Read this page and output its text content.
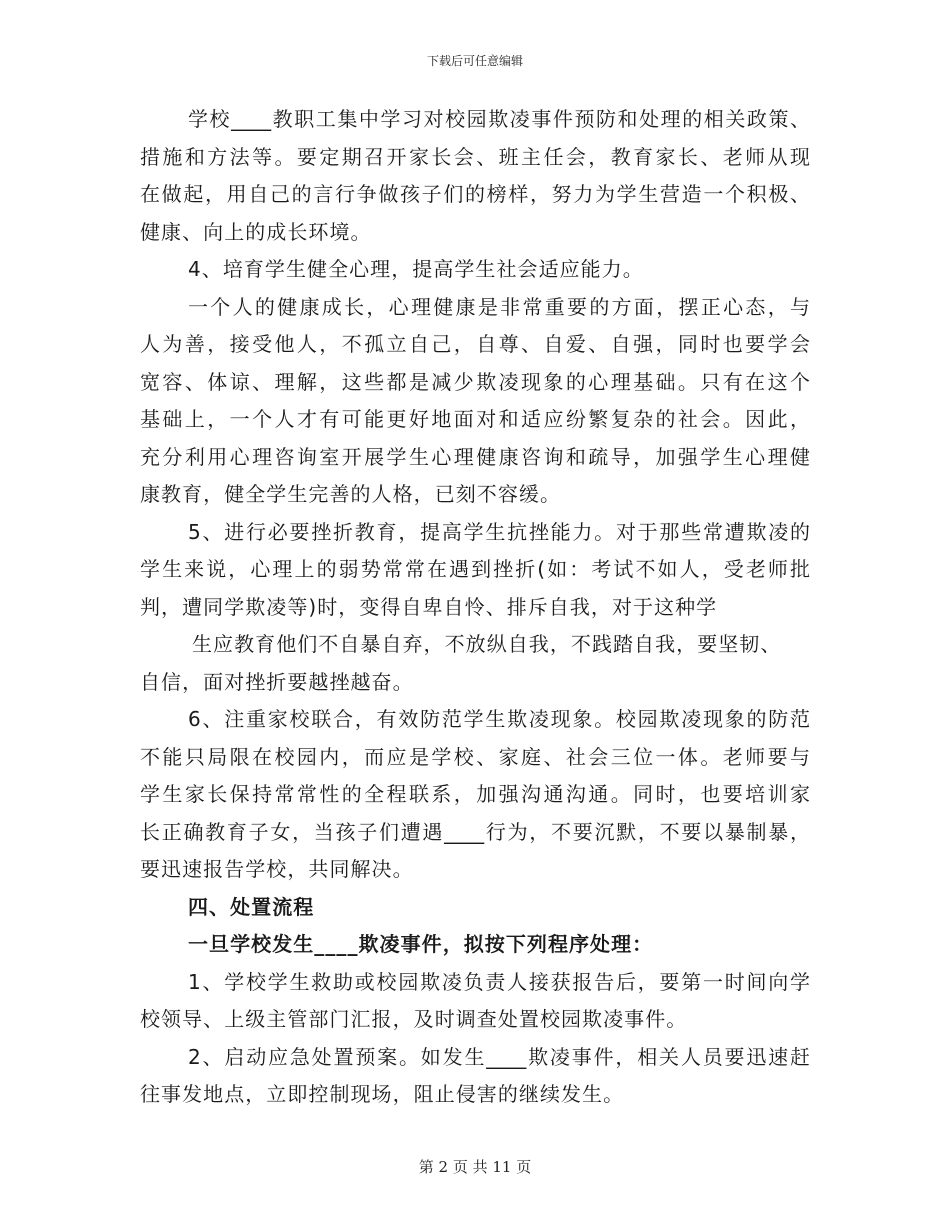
下载后可任意编辑
学校____教职工集中学习对校园欺凌事件预防和处理的相关政策、
措施和方法等。要定期召开家长会、班主任会，教育家长、老师从现
在做起，用自己的言行争做孩子们的榜样，努力为学生营造一个积极、
健康、向上的成长环境。
4、培育学生健全心理，提高学生社会适应能力。
一个人的健康成长，心理健康是非常重要的方面，摆正心态，与
人为善，接受他人，不孤立自己，自尊、自爱、自强，同时也要学会
宽容、体谅、理解，这些都是减少欺凌现象的心理基础。只有在这个
基础上，一个人才有可能更好地面对和适应纷繁复杂的社会。因此，
充分利用心理咨询室开展学生心理健康咨询和疏导，加强学生心理健
康教育，健全学生完善的人格，已刻不容缓。
5、进行必要挫折教育，提高学生抗挫能力。对于那些常遭欺凌的
学生来说，心理上的弱势常常在遇到挫折(如：考试不如人，受老师批
判，遭同学欺凌等)时，变得自卑自怜、排斥自我，对于这种学
生应教育他们不自暴自弃，不放纵自我，不践踏自我，要坚韧、
自信，面对挫折要越挫越奋。
6、注重家校联合，有效防范学生欺凌现象。校园欺凌现象的防范
不能只局限在校园内，而应是学校、家庭、社会三位一体。老师要与
学生家长保持常常性的全程联系，加强沟通沟通。同时，也要培训家
长正确教育子女，当孩子们遭遇____行为，不要沉默，不要以暴制暴，
要迅速报告学校，共同解决。
四、处置流程
一旦学校发生____欺凌事件，拟按下列程序处理：
1、学校学生救助或校园欺凌负责人接获报告后，要第一时间向学
校领导、上级主管部门汇报，及时调查处置校园欺凌事件。
2、启动应急处置预案。如发生____欺凌事件，相关人员要迅速赶
往事发地点，立即控制现场，阻止侵害的继续发生。
第 2 页 共 11 页
